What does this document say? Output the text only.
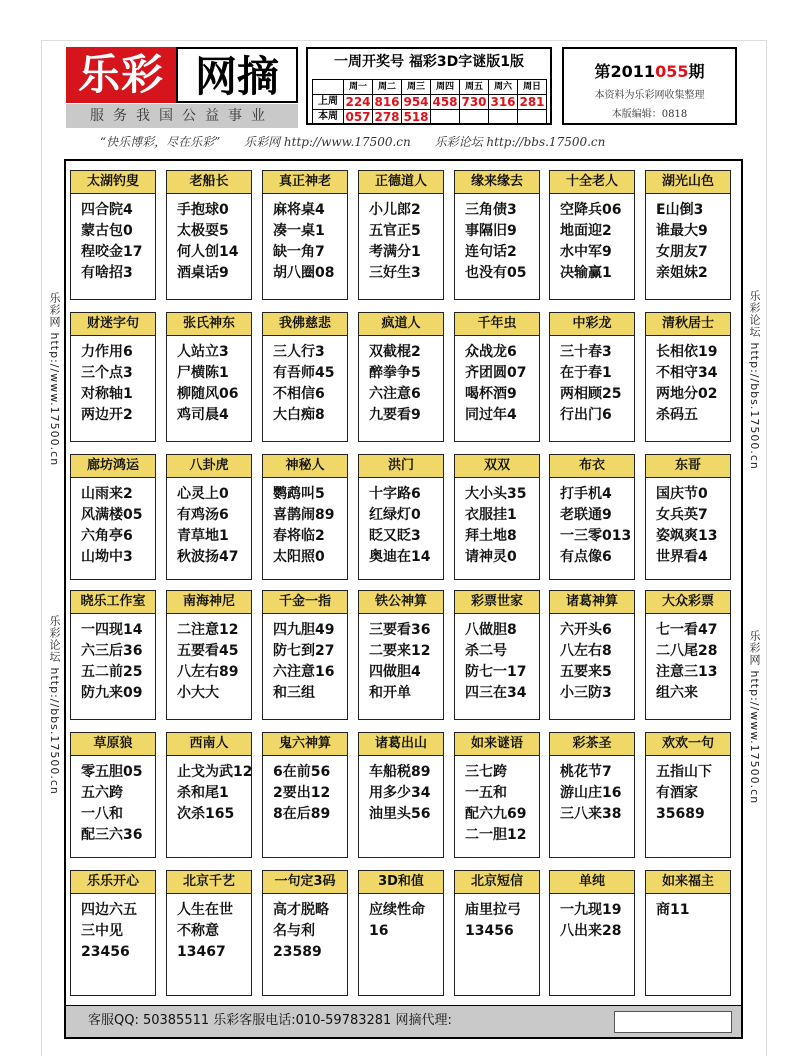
乐彩 网摘
服务我国公益事业
一周开奖号 福彩3D字谜版1版
	周一	周二	周三	周四	周五	周六	周日
上周	224	816	954	458	730	316	281
本周	057	278	518				
第2011055期
本资料为乐彩网收集整理
本版编辑：0818
“快乐博彩，尽在乐彩” 乐彩网 http://www.17500.cn 乐彩论坛 http://bbs.17500.cn
乐彩网 http://www.17500.cn
乐彩论坛 http://bbs.17500.cn
乐彩论坛 http://bbs.17500.cn
乐彩网 http://www.17500.cn
太湖钓叟
四合院4
蒙古包0
程咬金17
有啥招3
老船长
手抱球0
太极耍5
何人创14
酒桌话9
真正神老
麻将桌4
凑一桌1
缺一角7
胡八圈08
正德道人
小儿郎2
五官正5
考满分1
三好生3
缘来缘去
三角债3
事隔旧9
连句话2
也没有05
十全老人
空降兵06
地面迎2
水中军9
决输赢1
湖光山色
E山倒3
谁最大9
女朋友7
亲姐妹2
财迷字句
力作用6
三个点3
对称轴1
两边开2
张氏神东
人站立3
尸横陈1
柳随风06
鸡司晨4
我佛慈悲
三人行3
有吾师45
不相信6
大白痴8
疯道人
双截棍2
醉拳争5
六注意6
九要看9
千年虫
众战龙6
齐团圆07
喝杯酒9
同过年4
中彩龙
三十春3
在于春1
两相顾25
行出门6
清秋居士
长相依19
不相守34
两地分02
杀码五
廊坊鸿运
山雨来2
风满楼05
六角亭6
山坳中3
八卦虎
心灵上0
有鸡汤6
青草地1
秋波扬47
神秘人
鹦鹉叫5
喜鹊闹89
春将临2
太阳照0
洪门
十字路6
红绿灯0
眨又眨3
奥迪在14
双双
大小头35
衣服挂1
拜土地8
请神灵0
布衣
打手机4
老联通9
一三零013
有点像6
东哥
国庆节0
女兵英7
姿飒爽13
世界看4
晓乐工作室
一四现14
六三后36
五二前25
防九来09
南海神尼
二注意12
五要看45
八左右89
小大大
千金一指
四九胆49
防七到27
六注意16
和三组
铁公神算
三要看36
二要来12
四做胆4
和开单
彩票世家
八做胆8
杀二号
防七一17
四三在34
诸葛神算
六开头6
八左右8
五要来5
小三防3
大众彩票
七一看47
二八尾28
注意三13
组六来
草原狼
零五胆05
五六跨
一八和
配三六36
西南人
止戈为武12
杀和尾1
次杀165
鬼六神算
6在前56
2要出12
8在后89
诸葛出山
车船税89
用多少34
油里头56
如来谜语
三七跨
一五和
配六九69
二一胆12
彩茶圣
桃花节7
游山庄16
三八来38
欢欢一句
五指山下
有酒家
35689
乐乐开心
四边六五
三中见
23456
北京千艺
人生在世
不称意
13467
一句定3码
高才脱略
名与利
23589
3D和值
应续性命
16
北京短信
庙里拉弓
13456
单纯
一九现19
八出来28
如来福主
商11
客服QQ: 50385511 乐彩客服电话:010-59783281 网摘代理:
